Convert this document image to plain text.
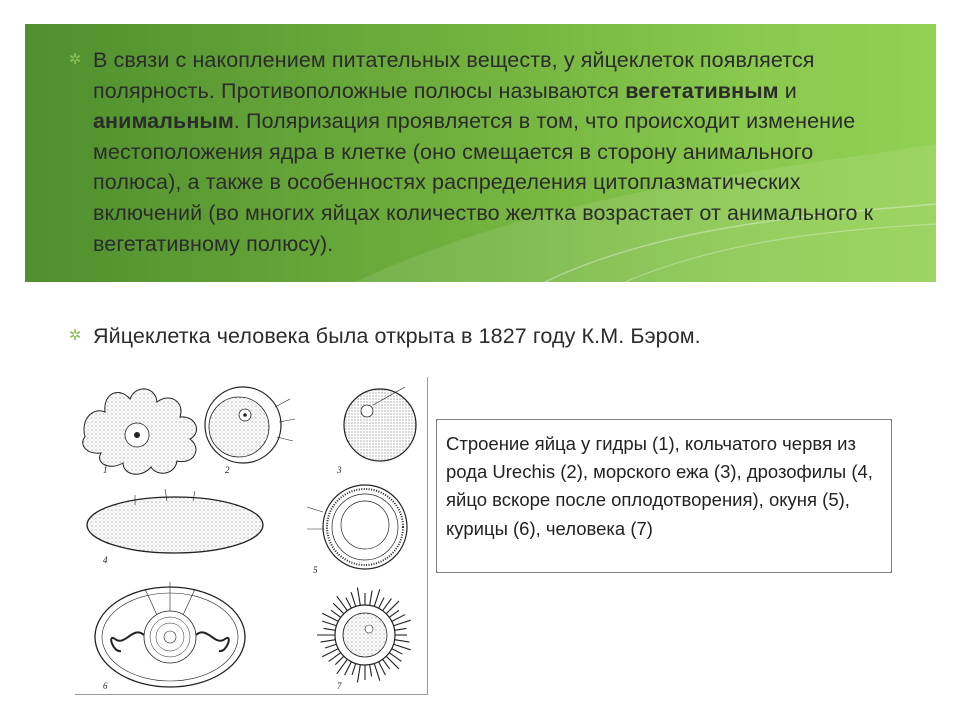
✲ В связи с накоплением питательных веществ, у яйцеклеток появляется полярность. Противоположные полюсы называются вегетативным и анимальным. Поляризация проявляется в том, что происходит изменение местоположения ядра в клетке (оно смещается в сторону анимального полюса), а также в особенностях распределения цитоплазматических включений (во многих яйцах количество желтка возрастает от анимального к вегетативному полюсу).

✲ Яйцеклетка человека была открыта в 1827 году К.М. Бэром.

1	2	3
4
5
6	7
Строение яйца у гидры (1), кольчатого червя из рода Urechis (2), морского ежа (3), дрозофилы (4, яйцо вскоре после оплодотворения), окуня (5), курицы (6), человека (7)
